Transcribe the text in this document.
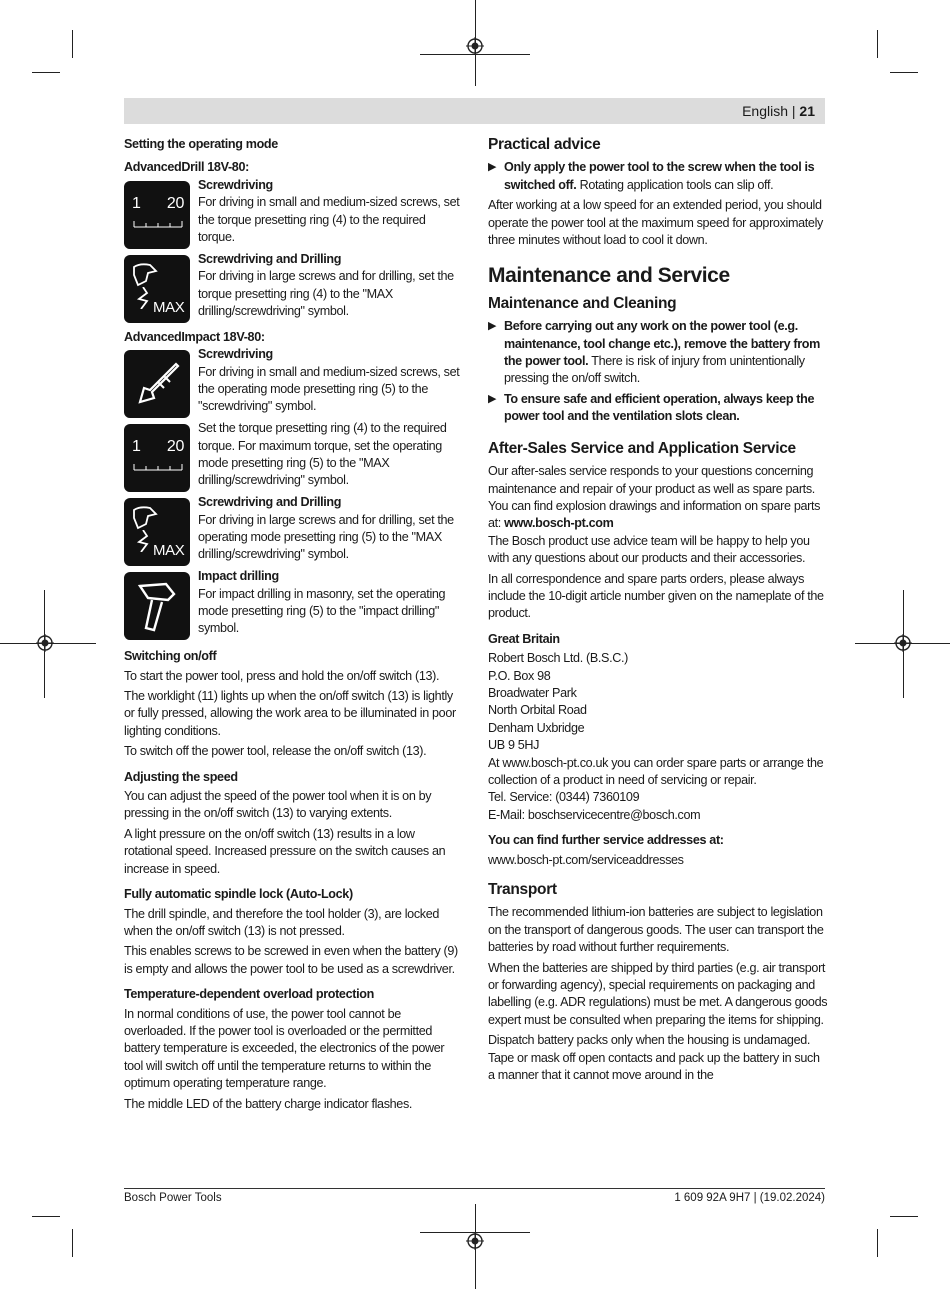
English | 21
Setting the operating mode
AdvancedDrill 18V-80:
1 20
Screwdriving
For driving in small and medium-sized screws, set the torque presetting ring (4) to the required torque.
MAX
Screwdriving and Drilling
For driving in large screws and for drilling, set the torque presetting ring (4) to the "MAX drilling/screwdriving" symbol.
AdvancedImpact 18V-80:
Screwdriving
For driving in small and medium-sized screws, set the operating mode presetting ring (5) to the "screwdriving" symbol.
1 20
Set the torque presetting ring (4) to the required torque. For maximum torque, set the operating mode presetting ring (5) to the "MAX drilling/screwdriving" symbol.
MAX
Screwdriving and Drilling
For driving in large screws and for drilling, set the operating mode presetting ring (5) to the "MAX drilling/screwdriving" symbol.
Impact drilling
For impact drilling in masonry, set the operating mode presetting ring (5) to the "impact drilling" symbol.
Switching on/off

To start the power tool, press and hold the on/off switch (13).

The worklight (11) lights up when the on/off switch (13) is lightly or fully pressed, allowing the work area to be illuminated in poor lighting conditions.

To switch off the power tool, release the on/off switch (13).

Adjusting the speed

You can adjust the speed of the power tool when it is on by pressing in the on/off switch (13) to varying extents.

A light pressure on the on/off switch (13) results in a low rotational speed. Increased pressure on the switch causes an increase in speed.

Fully automatic spindle lock (Auto-Lock)

The drill spindle, and therefore the tool holder (3), are locked when the on/off switch (13) is not pressed.

This enables screws to be screwed in even when the battery (9) is empty and allows the power tool to be used as a screwdriver.

Temperature-dependent overload protection

In normal conditions of use, the power tool cannot be overloaded. If the power tool is overloaded or the permitted battery temperature is exceeded, the electronics of the power tool will switch off until the temperature returns to within the optimum operating temperature range.

The middle LED of the battery charge indicator flashes.

Practical advice
▶ Only apply the power tool to the screw when the tool is switched off. Rotating application tools can slip off.

After working at a low speed for an extended period, you should operate the power tool at the maximum speed for approximately three minutes without load to cool it down.

Maintenance and Service
Maintenance and Cleaning
▶ Before carrying out any work on the power tool (e.g. maintenance, tool change etc.), remove the battery from the power tool. There is risk of injury from unintentionally pressing the on/off switch.
▶ To ensure safe and efficient operation, always keep the power tool and the ventilation slots clean.
After-Sales Service and Application Service

Our after-sales service responds to your questions concerning maintenance and repair of your product as well as spare parts. You can find explosion drawings and information on spare parts at: www.bosch-pt.com

The Bosch product use advice team will be happy to help you with any questions about our products and their accessories.

In all correspondence and spare parts orders, please always include the 10-digit article number given on the nameplate of the product.

Great Britain

Robert Bosch Ltd. (B.S.C.)

P.O. Box 98

Broadwater Park

North Orbital Road

Denham Uxbridge

UB 9 5HJ

At www.bosch-pt.co.uk you can order spare parts or arrange the collection of a product in need of servicing or repair.

Tel. Service: (0344) 7360109

E-Mail: boschservicecentre@bosch.com

You can find further service addresses at:

www.bosch-pt.com/serviceaddresses

Transport

The recommended lithium-ion batteries are subject to legislation on the transport of dangerous goods. The user can transport the batteries by road without further requirements.

When the batteries are shipped by third parties (e.g. air transport or forwarding agency), special requirements on packaging and labelling (e.g. ADR regulations) must be met. A dangerous goods expert must be consulted when preparing the items for shipping.

Dispatch battery packs only when the housing is undamaged. Tape or mask off open contacts and pack up the battery in such a manner that it cannot move around in the

Bosch Power Tools	1 609 92A 9H7 | (19.02.2024)
